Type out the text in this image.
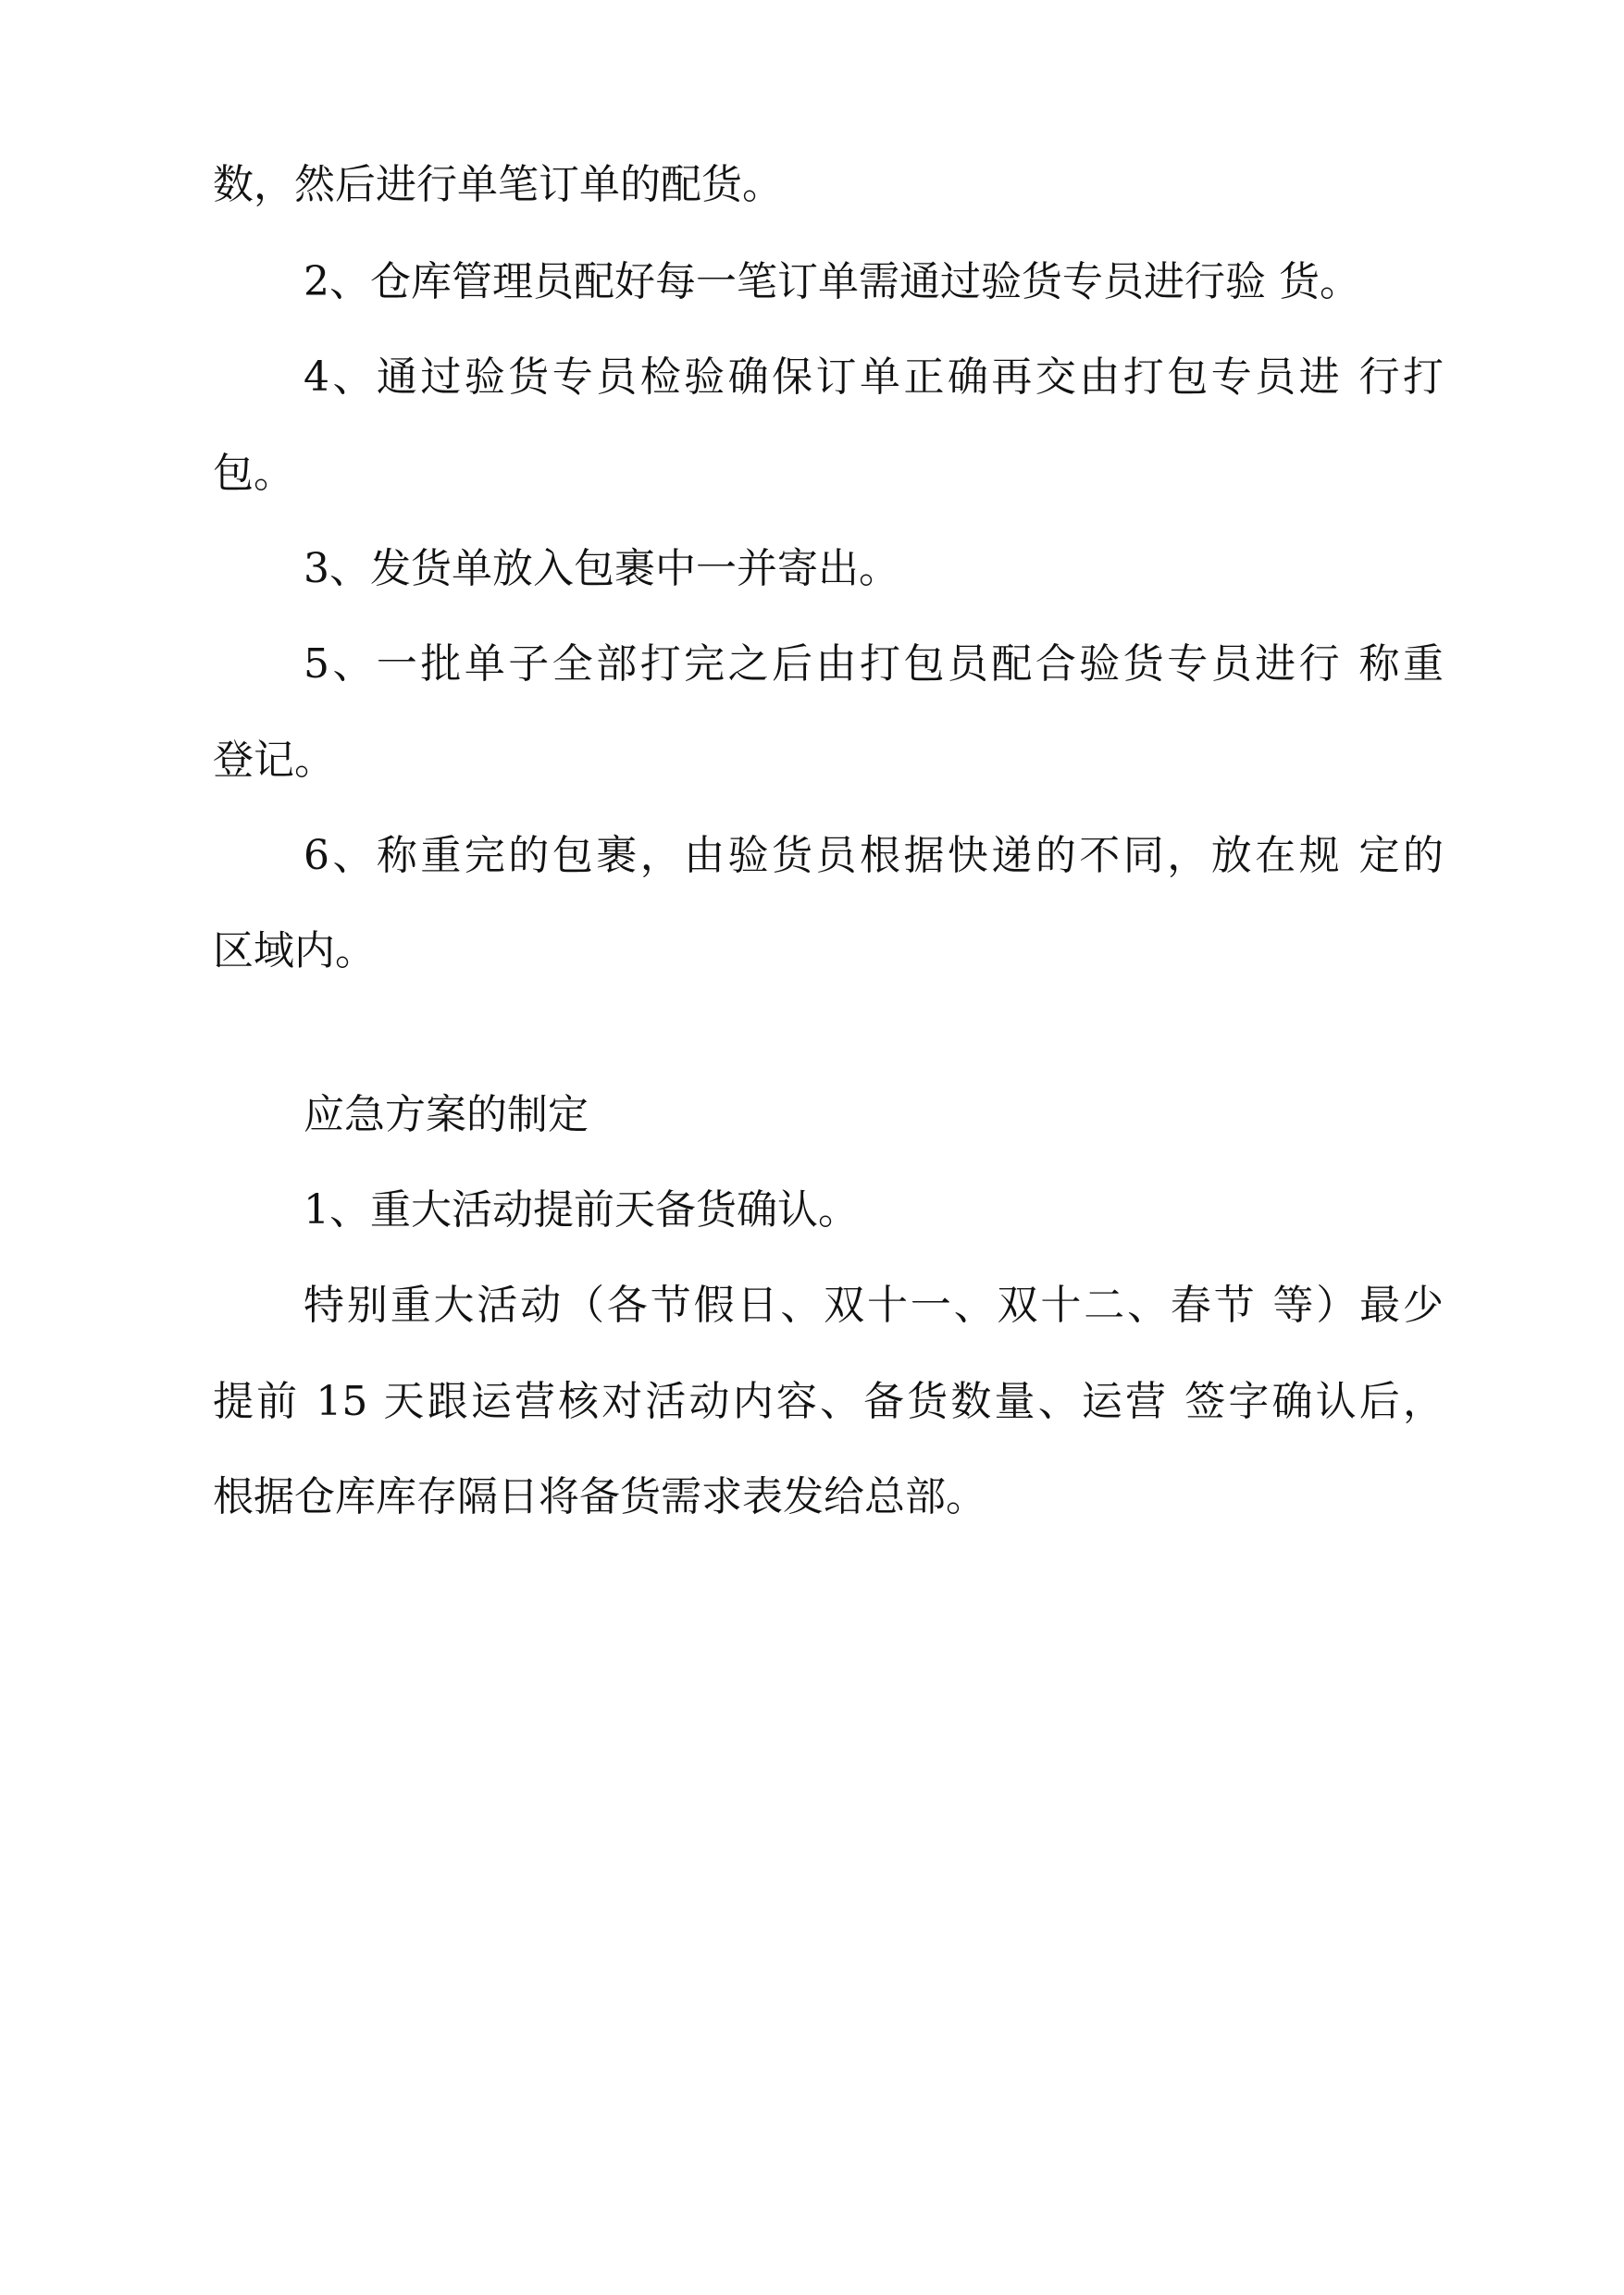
数，然后进行单笔订单的配货。
2、仓库管理员配好每一笔订单需通过验货专员进行验 货。
4、通过验货专员检验确保订单正确再交由打包专员进 行打
包。
3、发货单放入包裹中一并寄出。
5、一批单子全部打完之后由打包员配合验货专员进行 称重
登记。
6、称重完的包裹，由验货员根据快递的不同，放在规 定的
区域内。
应急方案的制定
1、重大活动提前天备货确认。
特别重大活动（各节假日、双十一、双十二、春节 等）最少
提前 15 天跟运营核对活动内容、备货数量、运营 签字确认后，
根据仓库库存隔日将备货需求表发给总部。
